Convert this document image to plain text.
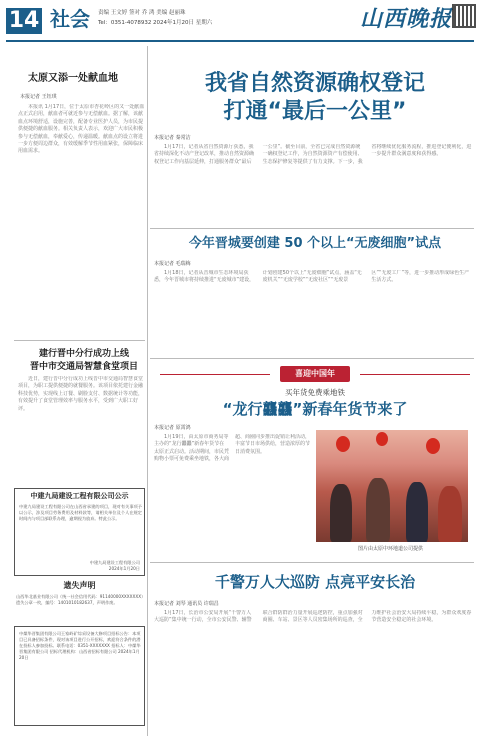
14 社会 责编 王文婷 签对 乔 鸿 美编 赵丽珠
Tel：0351-4078932 2024年1月20日 星期六	山西晚报
太原又添一处献血地
本报记者 王钰琪

本报讯 1月17日，位于太原市杏花岭区的又一处献血点正式启用，献血者可就近参与无偿献血。据了解，该献血点环境舒适，设施完善，配备专业医护人员，为市民提供便捷的献血服务。相关负责人表示，欢迎广大市民积极参与无偿献血，奉献爱心，传递温暖。献血点的设立将进一步方便周边群众，有效缓解季节性用血紧张，保障临床用血需求。

建行晋中分行成功上线
晋中市交通局智慧食堂项目

近日，建行晋中分行成功上线晋中市交通局智慧食堂项目，为职工提供便捷的就餐服务。该项目依托建行金融科技优势，实现线上订餐、刷脸支付、数据统计等功能，有效提升了食堂管理效率与服务水平，受到广大职工好评。

中建九局建设工程有限公司公示
中建九局建设工程有限公司在山西省承建的项目，现对有关事项予以公示，涉及项目劳务费用及材料款等，请相关单位及个人在规定时间内与项目部联系办理，逾期视为放弃。特此公示。
中建九局建设工程有限公司
2024年1月20日
遗失声明
山西华北基业有限公司（统一社会信用代码：91140000XXXXXXX）遗失公章一枚，编号：1401010182637，声明作废。
中煤华晋集团有限公司王家岭矿综采设备大修项目招标公告：本项目已具备招标条件，现对该项目进行公开招标，欢迎符合条件的潜在投标人参加投标。联系电话：0351-XXXXXXX 招标人：中煤华晋集团有限公司 招标代理机构：山西省招标有限公司 2024年1月20日
我省自然资源确权登记
打通“最后一公里”
本报记者 秦常洁

1月17日，记者从省自然资源厅获悉，我省持续深化不动产登记改革，推动自然资源确权登记工作向基层延伸，打通服务群众“最后一公里”。截至目前，全省已完成自然资源统一确权登记工作，为自然资源资产有偿使用、生态保护修复等提供了有力支撑。下一步，我省将继续优化服务流程，推进登记便利化，进一步提升群众满意度和获得感。

今年晋城要创建 50 个以上“无废细胞”试点
本报记者 毛瑞梅

1月18日，记者从晋城市生态环境局获悉，今年晋城市将持续推进“无废城市”建设，计划创建50个以上“无废细胞”试点，涵盖“无废机关”“无废学校”“无废社区”“无废景区”“无废工厂”等，进一步推动形成绿色生产生活方式。

喜迎中国年
买年货免费乘地铁
“龙行龘龘”新春年货节来了
本报记者 原霄鸿

1月19日，由太原市商务局等主办的“龙行龘龘”新春年货节在太原正式启动。活动期间，市民凭购物小票可免费乘坐地铁，各大商超、商圈同步推出促销让利活动，丰富节日市场供给，营造浓厚的节日消费氛围。

图片由太原中环地道公司提供
千警万人大巡防 点亮平安长治
本报记者 刘琴 通讯员 许瑞昌

1月17日，长治市公安局开展“千警万人大巡防”集中统一行动，全市公安民警、辅警联合群防群治力量开展巡逻防控，重点加强对商圈、车站、景区等人员密集场所的巡查，全力维护社会治安大局持续平稳，为群众欢度春节营造安全稳定的社会环境。
